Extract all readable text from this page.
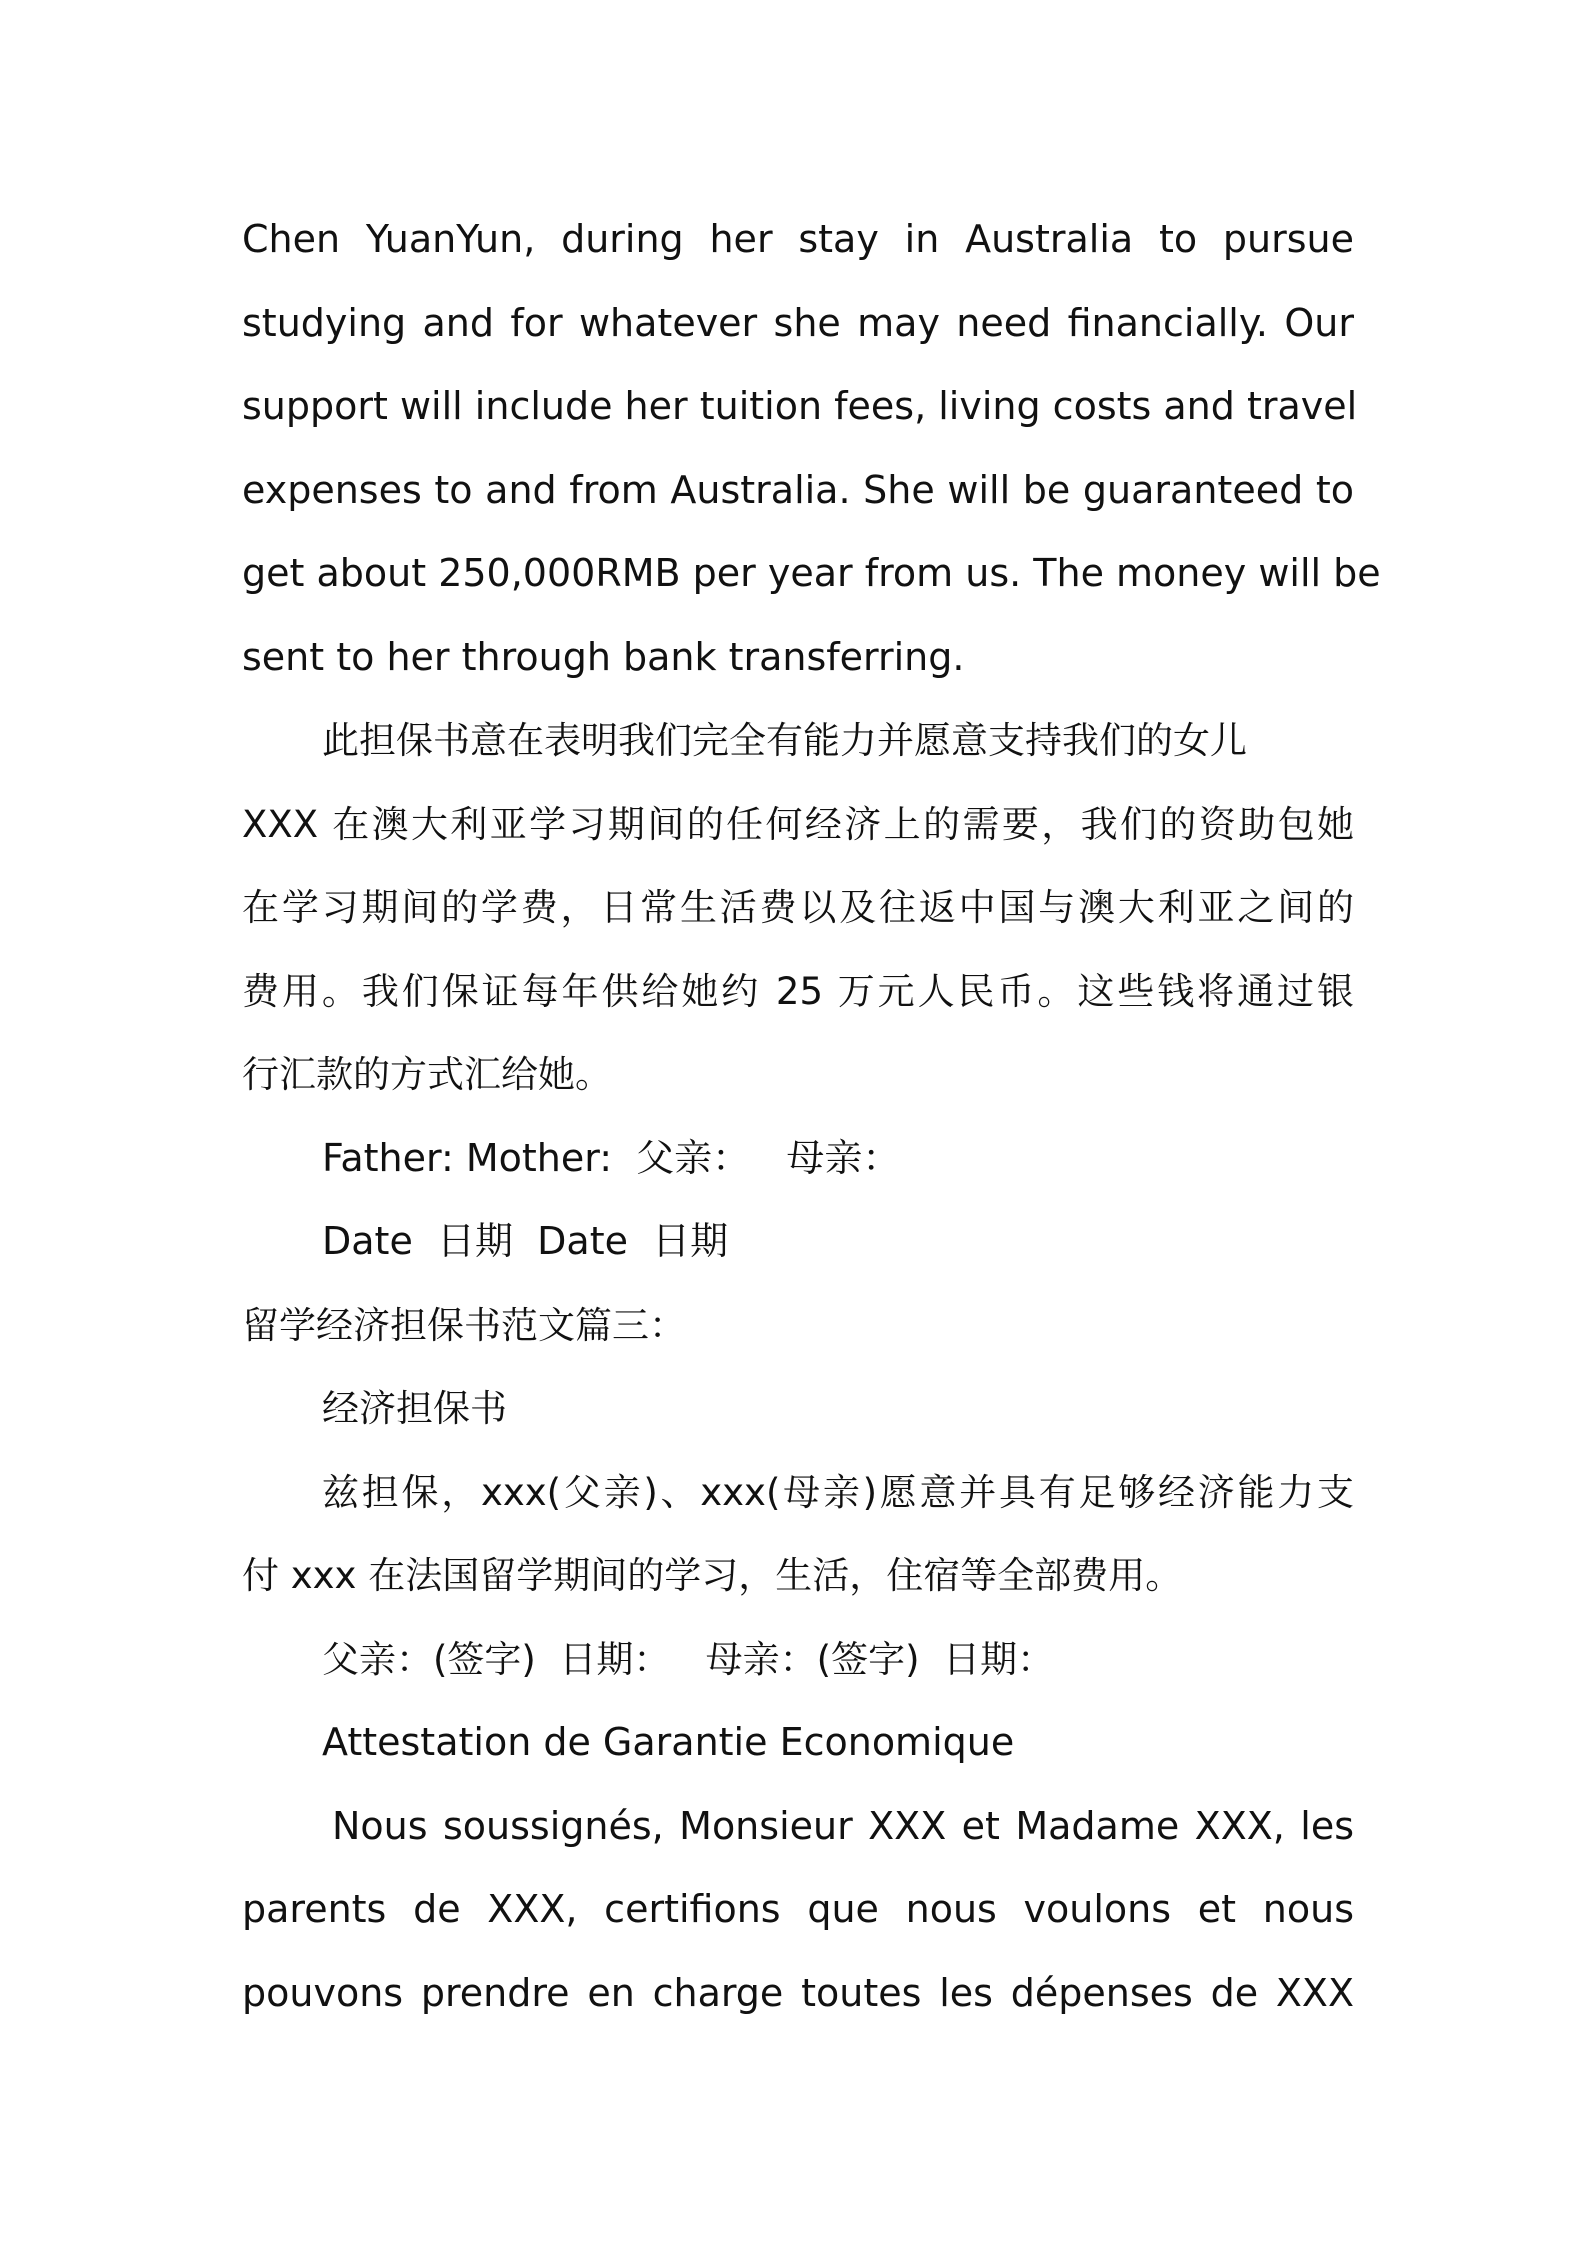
Chen YuanYun, during her stay in Australia to pursue
studying and for whatever she may need financially. Our
support will include her tuition fees, living costs and travel
expenses to and from Australia. She will be guaranteed to
get about 250,000RMB per year from us. The money will be
sent to her through bank transferring.
此担保书意在表明我们完全有能力并愿意支持我们的女儿
XXX 在澳大利亚学习期间的任何经济上的需要，我们的资助包她
在学习期间的学费，日常生活费以及往返中国与澳大利亚之间的
费用。我们保证每年供给她约 25 万元人民币。这些钱将通过银
行汇款的方式汇给她。
Father: Mother:  父亲：   母亲：
Date  日期  Date  日期
留学经济担保书范文篇三：
经济担保书
兹担保，xxx(父亲)、xxx(母亲)愿意并具有足够经济能力支
付 xxx 在法国留学期间的学习，生活，住宿等全部费用。
父亲：(签字)  日期：   母亲：(签字)  日期：
Attestation de Garantie Economique
Nous soussignés, Monsieur XXX et Madame XXX, les
parents de XXX, certifions que nous voulons et nous
pouvons prendre en charge toutes les dépenses de XXX
